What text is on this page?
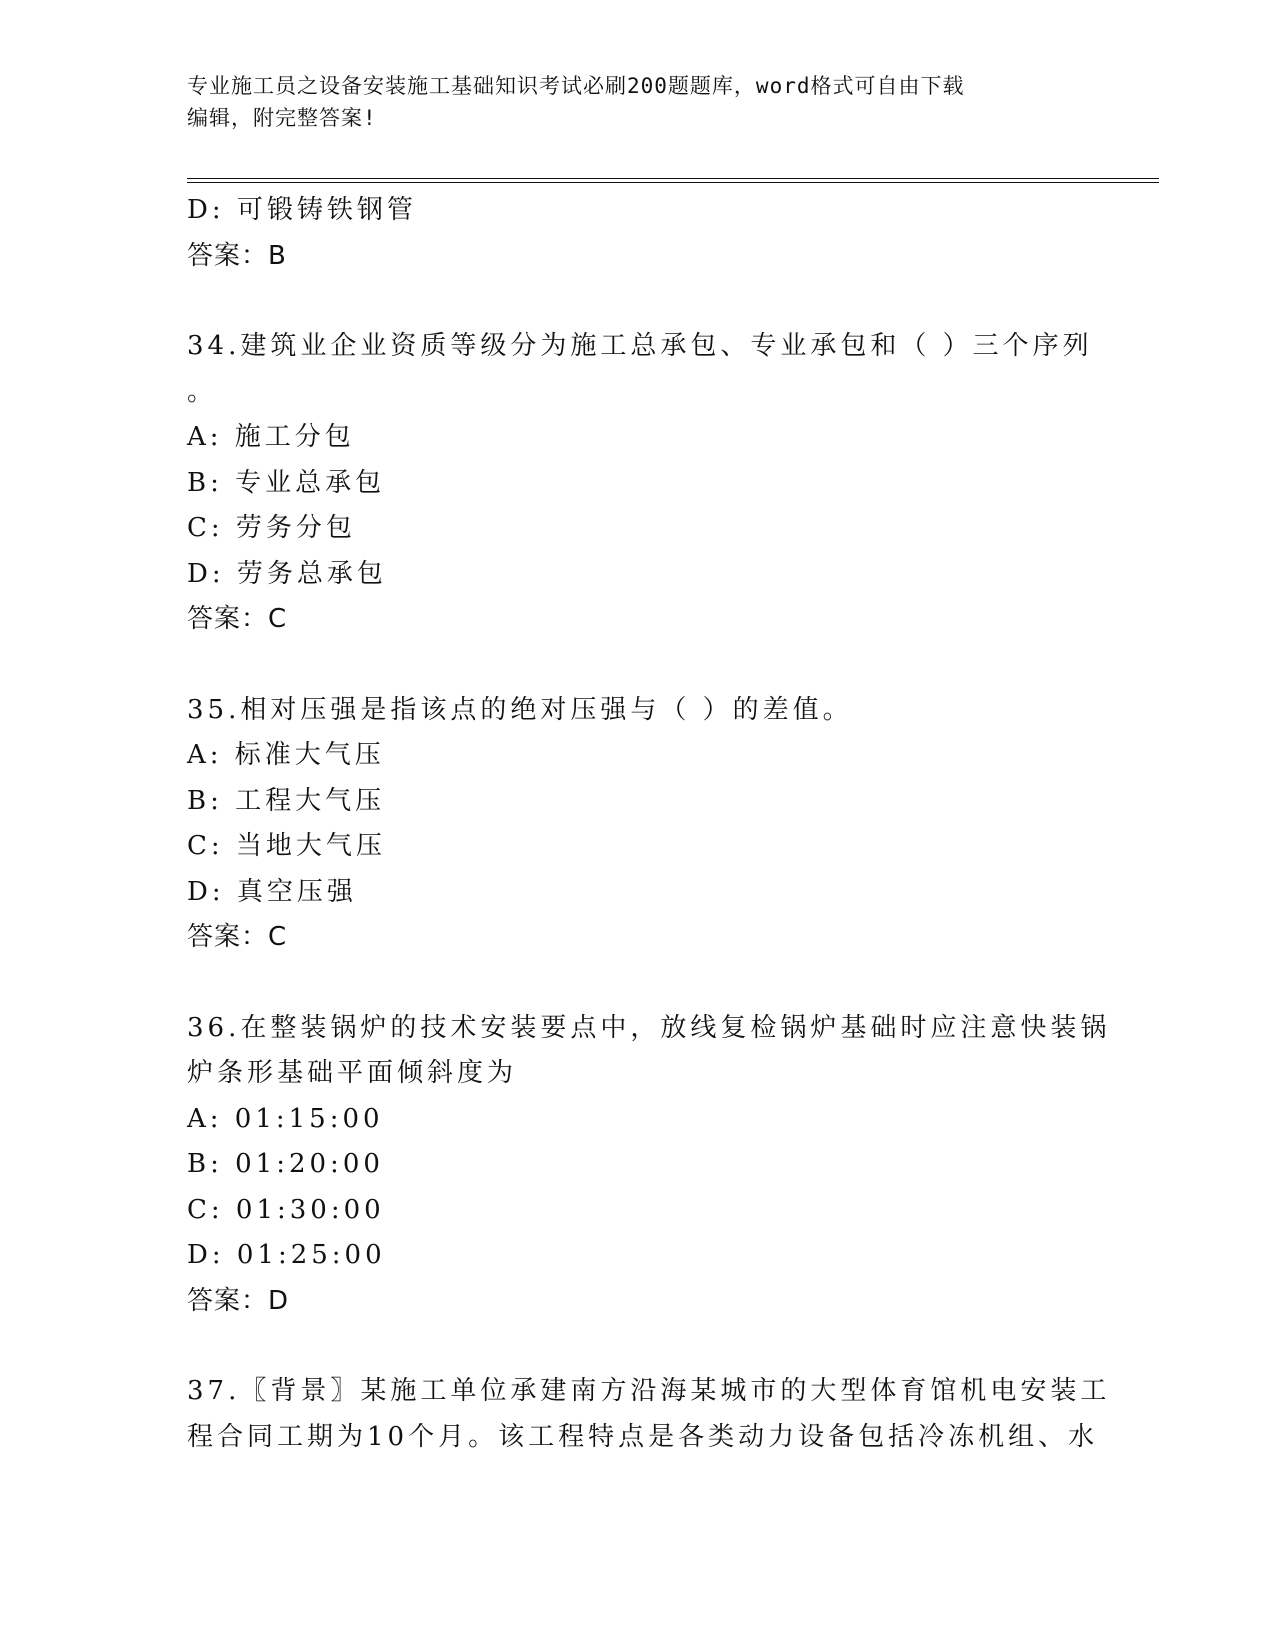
专业施工员之设备安装施工基础知识考试必刷200题题库，word格式可自由下载
编辑，附完整答案!
D: 可锻铸铁钢管
答案：B
34.建筑业企业资质等级分为施工总承包、专业承包和（ ）三个序列
。
A: 施工分包
B: 专业总承包
C: 劳务分包
D: 劳务总承包
答案：C
35.相对压强是指该点的绝对压强与（ ）的差值。
A: 标准大气压
B: 工程大气压
C: 当地大气压
D: 真空压强
答案：C
36.在整装锅炉的技术安装要点中，放线复检锅炉基础时应注意快装锅
炉条形基础平面倾斜度为
A: 01:15:00
B: 01:20:00
C: 01:30:00
D: 01:25:00
答案：D
37.〖背景〗某施工单位承建南方沿海某城市的大型体育馆机电安装工
程合同工期为10个月。该工程特点是各类动力设备包括冷冻机组、水
